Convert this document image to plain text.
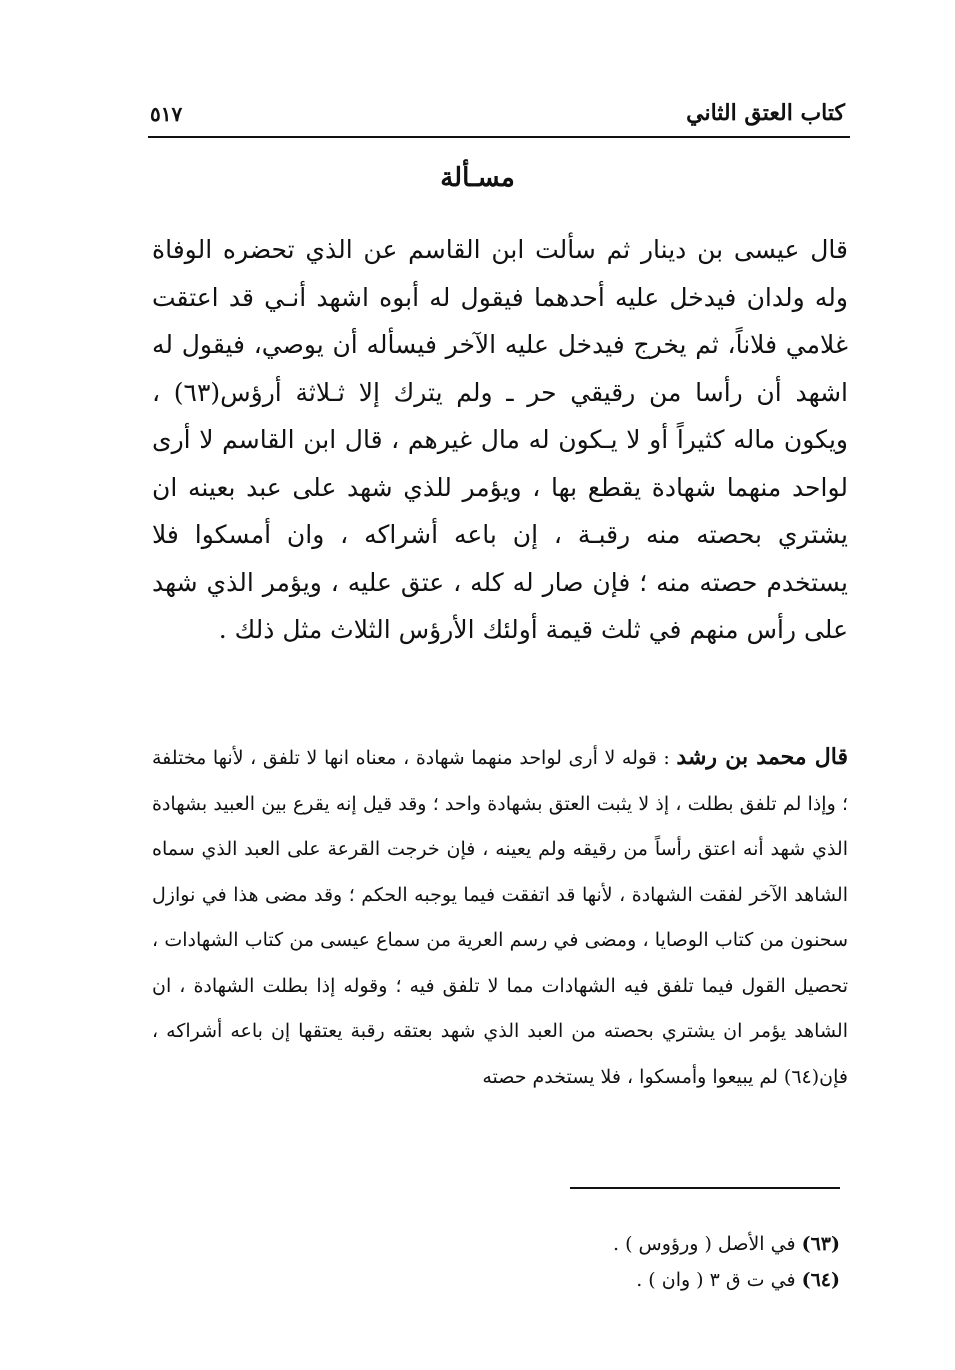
كتاب العتق الثاني
٥١٧
مسـألة

قال عيسى بن دينار ثم سألت ابن القاسم عن الذي تحضره الوفاة وله ولدان فيدخل عليه أحدهما فيقول له أبوه اشهد أنـي قد اعتقت غلامي فلاناً، ثم يخرج فيدخل عليه الآخر فيسأله أن يوصي، فيقول له اشهد أن رأسا من رقيقي حر ـ ولم يترك إلا ثـلاثة أرؤس(٦٣) ، ويكون ماله كثيراً أو لا يـكون له مال غيرهم ، قال ابن القاسم لا أرى لواحد منهما شهادة يقطع بها ، ويؤمر للذي شهد على عبد بعينه ان يشتري بحصته منه رقبـة ، إن باعه أشراكه ، وان أمسكوا فلا يستخدم حصته منه ؛ فإن صار له كله ، عتق عليه ، ويؤمر الذي شهد على رأس منهم في ثلث قيمة أولئك الأرؤس الثلاث مثل ذلك .

قال محمد بن رشد : قوله لا أرى لواحد منهما شهادة ، معناه انها لا تلفق ، لأنها مختلفة ؛ وإذا لم تلفق بطلت ، إذ لا يثبت العتق بشهادة واحد ؛ وقد قيل إنه يقرع بين العبيد بشهادة الذي شهد أنه اعتق رأساً من رقيقه ولم يعينه ، فإن خرجت القرعة على العبد الذي سماه الشاهد الآخر لفقت الشهادة ، لأنها قد اتفقت فيما يوجبه الحكم ؛ وقد مضى هذا في نوازل سحنون من كتاب الوصايا ، ومضى في رسم العرية من سماع عيسى من كتاب الشهادات ، تحصيل القول فيما تلفق فيه الشهادات مما لا تلفق فيه ؛ وقوله إذا بطلت الشهادة ، ان الشاهد يؤمر ان يشتري بحصته من العبد الذي شهد بعتقه رقبة يعتقها إن باعه أشراكه ، فإن(٦٤) لم يبيعوا وأمسكوا ، فلا يستخدم حصته

(٦٣) في الأصل ( ورؤوس ) .
(٦٤) في ت ق ٣ ( وان ) .
